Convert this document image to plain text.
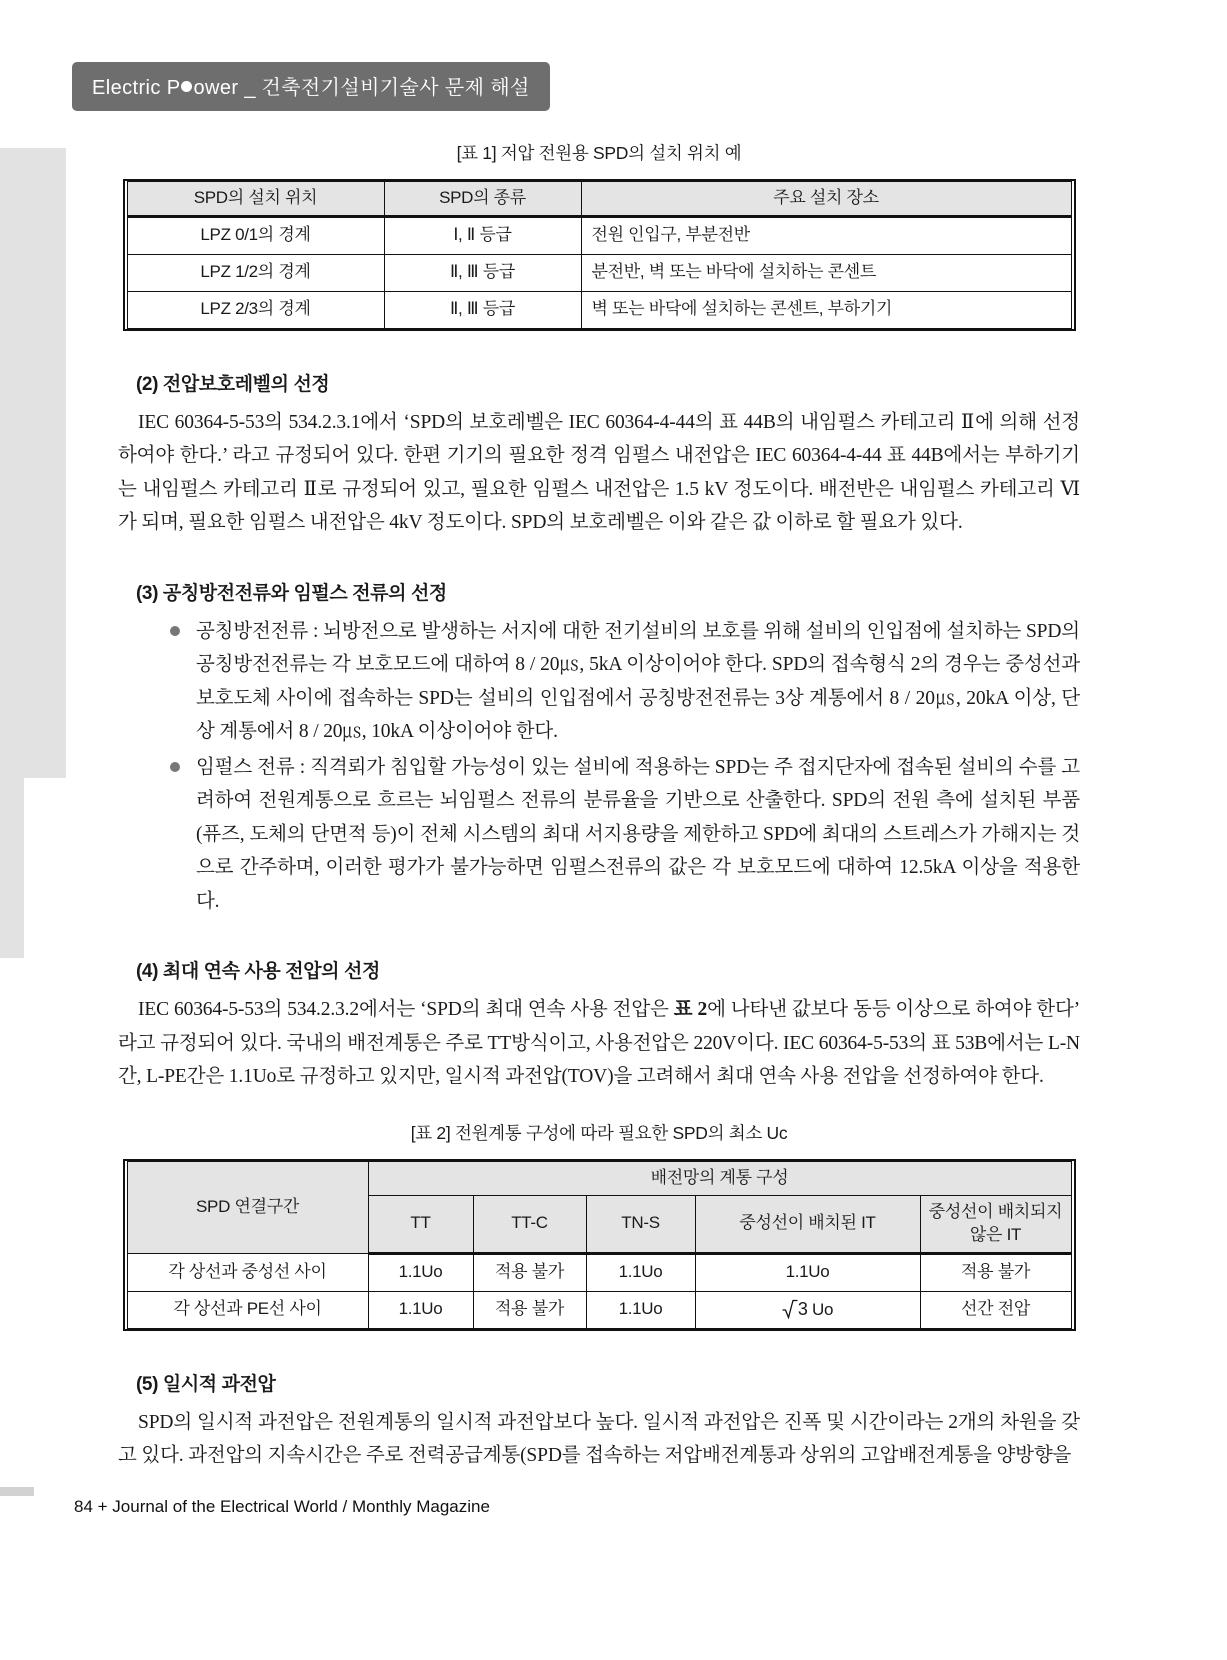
Electric P ower _ 건축전기설비기술사 문제 해설
[표 1] 저압 전원용 SPD의 설치 위치 예
SPD의 설치 위치	SPD의 종류	주요 설치 장소
LPZ 0/1의 경계	Ⅰ, Ⅱ 등급	전원 인입구, 부분전반
LPZ 1/2의 경계	Ⅱ, Ⅲ 등급	분전반, 벽 또는 바닥에 설치하는 콘센트
LPZ 2/3의 경계	Ⅱ, Ⅲ 등급	벽 또는 바닥에 설치하는 콘센트, 부하기기
(2) 전압보호레벨의 선정

IEC 60364-5-53의 534.2.3.1에서 ‘SPD의 보호레벨은 IEC 60364-4-44의 표 44B의 내임펄스 카테고리 Ⅱ에 의해 선정하여야 한다.’ 라고 규정되어 있다. 한편 기기의 필요한 정격 임펄스 내전압은 IEC 60364-4-44 표 44B에서는 부하기기는 내임펄스 카테고리 Ⅱ로 규정되어 있고, 필요한 임펄스 내전압은 1.5 kV 정도이다. 배전반은 내임펄스 카테고리 Ⅵ가 되며, 필요한 임펄스 내전압은 4kV 정도이다. SPD의 보호레벨은 이와 같은 값 이하로 할 필요가 있다.

(3) 공칭방전전류와 임펄스 전류의 선정
공칭방전전류 : 뇌방전으로 발생하는 서지에 대한 전기설비의 보호를 위해 설비의 인입점에 설치하는 SPD의 공칭방전전류는 각 보호모드에 대하여 8 / 20㎲, 5kA 이상이어야 한다. SPD의 접속형식 2의 경우는 중성선과 보호도체 사이에 접속하는 SPD는 설비의 인입점에서 공칭방전전류는 3상 계통에서 8 / 20㎲, 20kA 이상, 단상 계통에서 8 / 20㎲, 10kA 이상이어야 한다.
임펄스 전류 : 직격뢰가 침입할 가능성이 있는 설비에 적용하는 SPD는 주 접지단자에 접속된 설비의 수를 고려하여 전원계통으로 흐르는 뇌임펄스 전류의 분류율을 기반으로 산출한다. SPD의 전원 측에 설치된 부품(퓨즈, 도체의 단면적 등)이 전체 시스템의 최대 서지용량을 제한하고 SPD에 최대의 스트레스가 가해지는 것으로 간주하며, 이러한 평가가 불가능하면 임펄스전류의 값은 각 보호모드에 대하여 12.5kA 이상을 적용한다.
(4) 최대 연속 사용 전압의 선정

IEC 60364-5-53의 534.2.3.2에서는 ‘SPD의 최대 연속 사용 전압은 표 2에 나타낸 값보다 동등 이상으로 하여야 한다’ 라고 규정되어 있다. 국내의 배전계통은 주로 TT방식이고, 사용전압은 220V이다. IEC 60364-5-53의 표 53B에서는 L-N간, L-PE간은 1.1Uo로 규정하고 있지만, 일시적 과전압(TOV)을 고려해서 최대 연속 사용 전압을 선정하여야 한다.

[표 2] 전원계통 구성에 따라 필요한 SPD의 최소 Uc
SPD 연결구간	배전망의 계통 구성				
	TT	TT-C	TN-S	중성선이 배치된 IT	중성선이 배치되지 않은 IT
각 상선과 중성선 사이	1.1Uo	적용 불가	1.1Uo	1.1Uo	적용 불가
각 상선과 PE선 사이	1.1Uo	적용 불가	1.1Uo	3 Uo	선간 전압
(5) 일시적 과전압

SPD의 일시적 과전압은 전원계통의 일시적 과전압보다 높다. 일시적 과전압은 진폭 및 시간이라는 2개의 차원을 갖고 있다. 과전압의 지속시간은 주로 전력공급계통(SPD를 접속하는 저압배전계통과 상위의 고압배전계통을 양방향을

84 + Journal of the Electrical World / Monthly Magazine
